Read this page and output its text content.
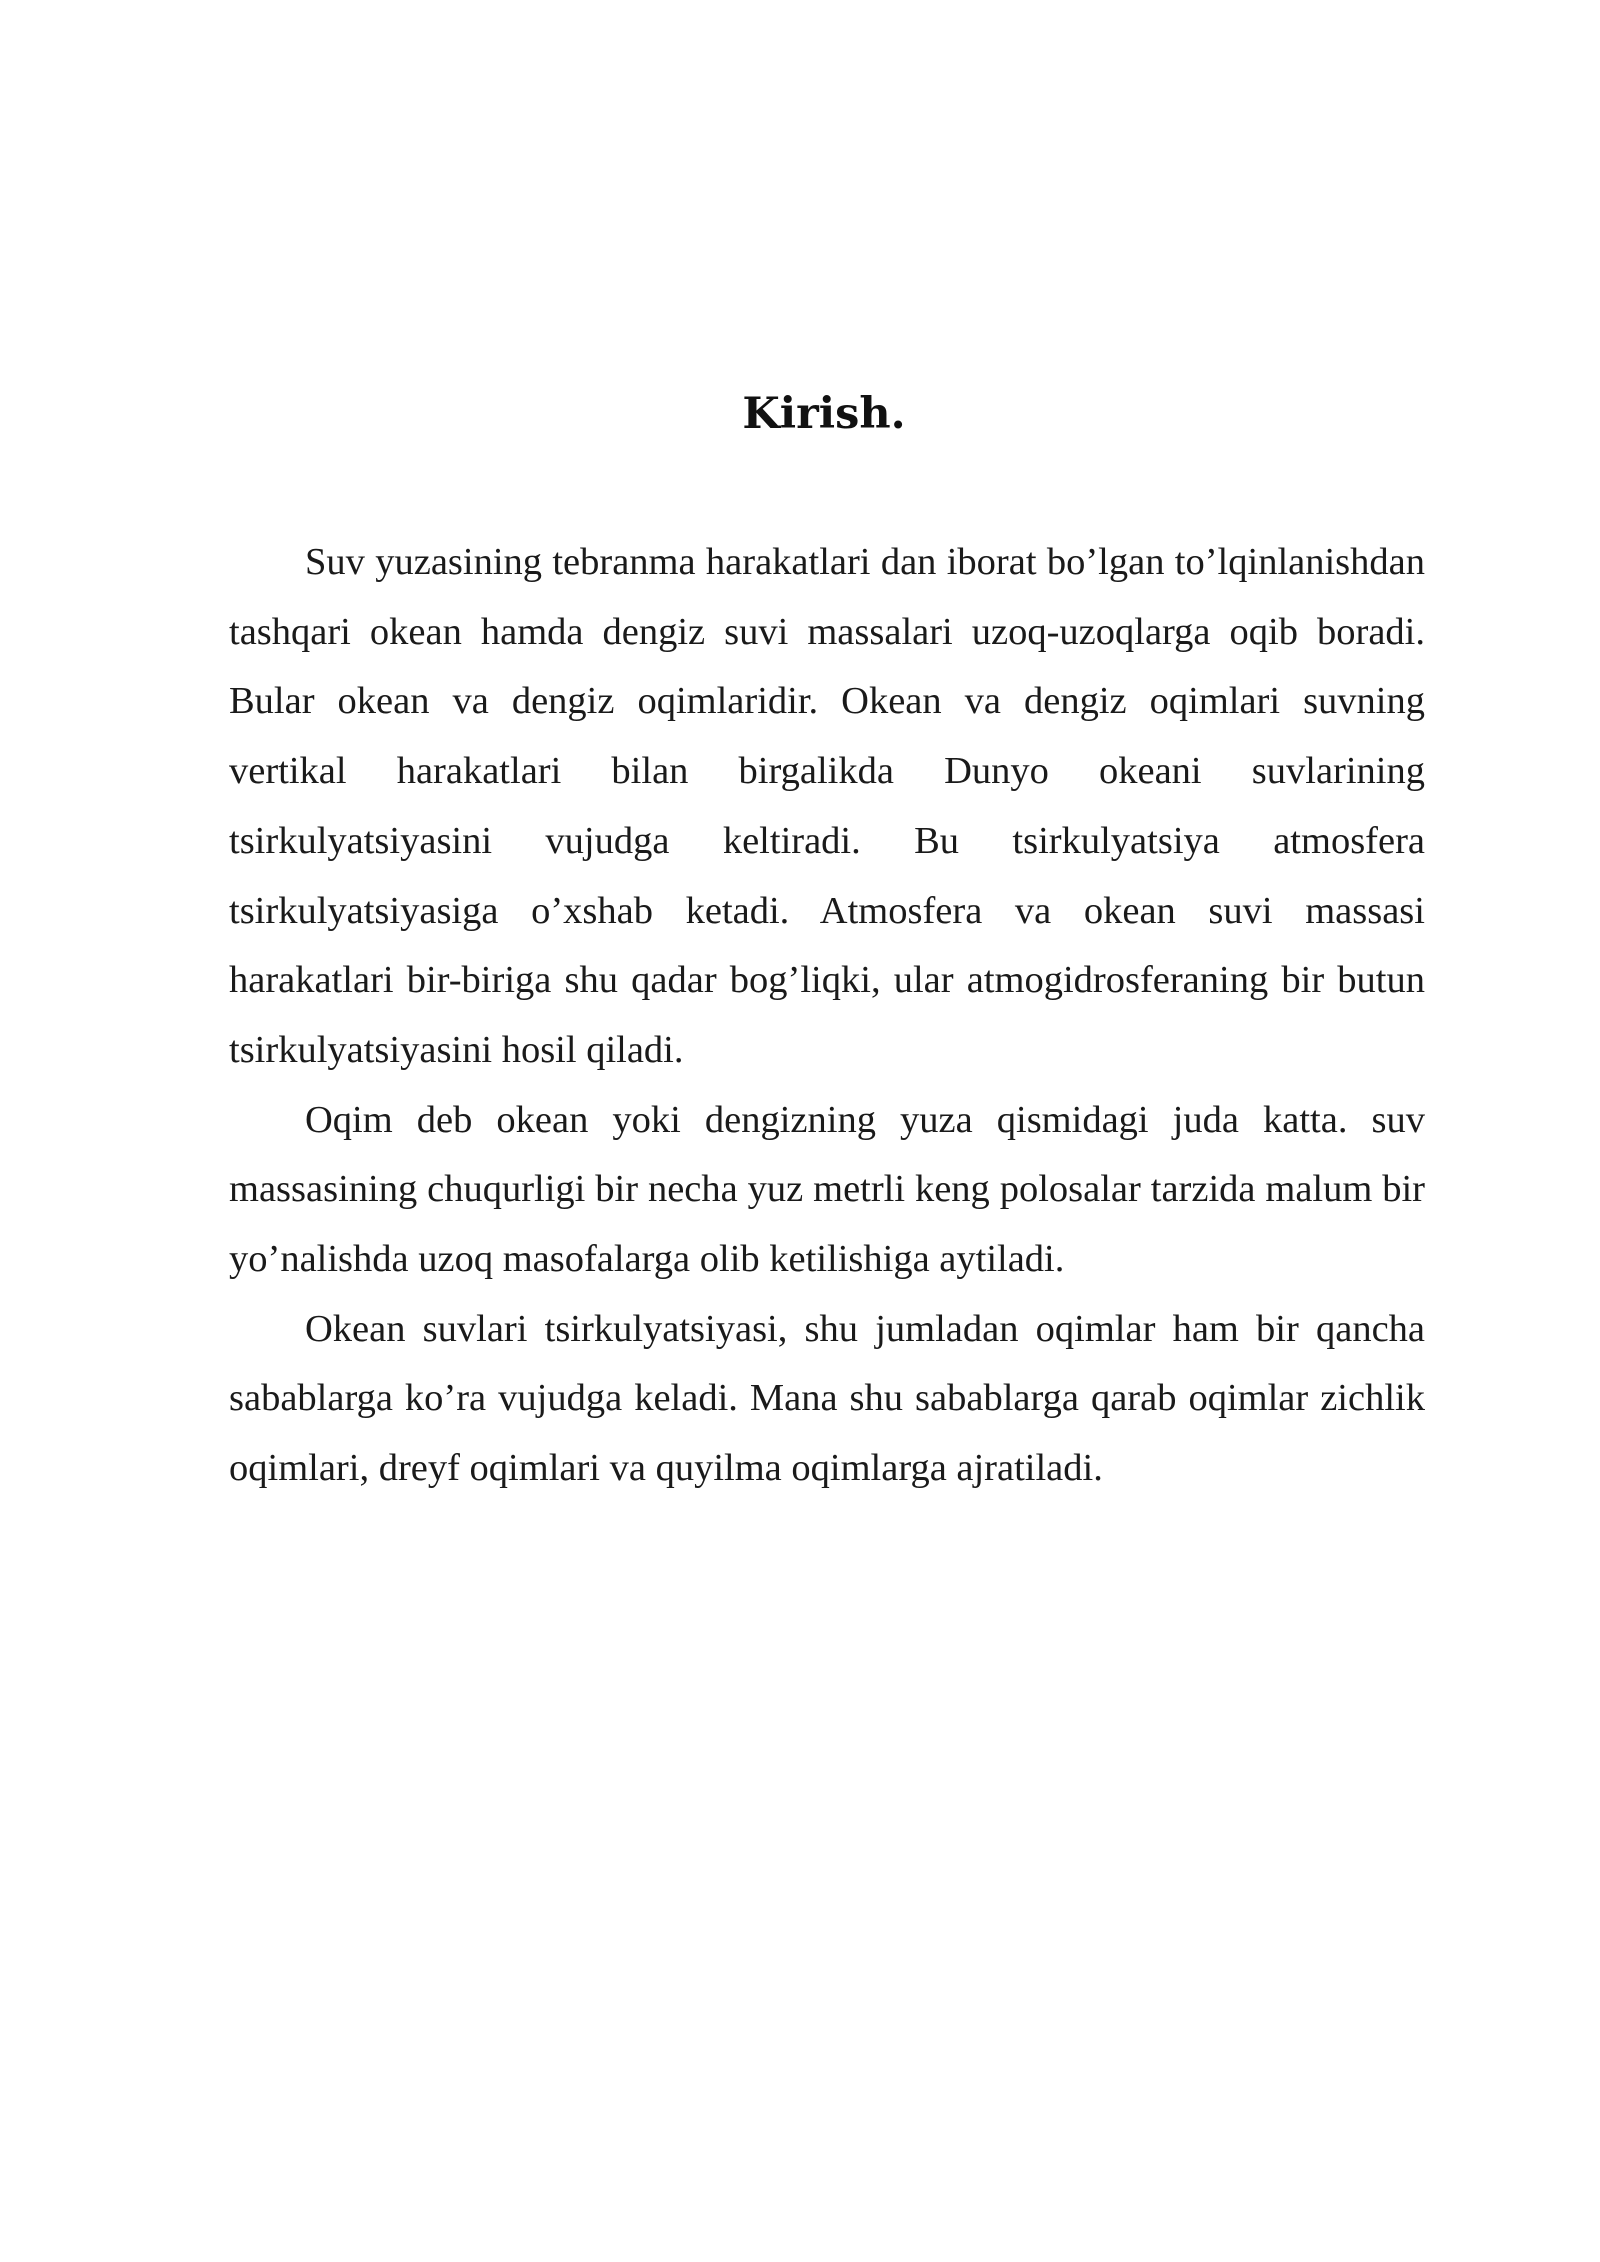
Kirish.

Suv yuzasining tebranma harakatlari dan iborat bo’lgan to’lqinlanishdan tashqari okean hamda dengiz suvi massalari uzoq-uzoqlarga oqib boradi. Bular okean va dengiz oqimlaridir. Okean va dengiz oqimlari suvning vertikal harakatlari bilan birgalikda Dunyo okeani suvlarining tsirkulyatsiyasini vujudga keltiradi. Bu tsirkulyatsiya atmosfera tsirkulyatsiyasiga o’xshab ketadi. Atmosfera va okean suvi massasi harakatlari bir-biriga shu qadar bog’liqki, ular atmogidrosferaning bir butun tsirkulyatsiyasini hosil qiladi.

Oqim deb okean yoki dengizning yuza qismidagi juda katta. suv massasining chuqurligi bir necha yuz metrli keng polosalar tarzida malum bir yo’nalishda uzoq masofalarga olib ketilishiga aytiladi.

Okean suvlari tsirkulyatsiyasi, shu jumladan oqimlar ham bir qancha sabablarga ko’ra vujudga keladi. Mana shu sabablarga qarab oqimlar zichlik oqimlari, dreyf oqimlari va quyilma oqimlarga ajratiladi.
